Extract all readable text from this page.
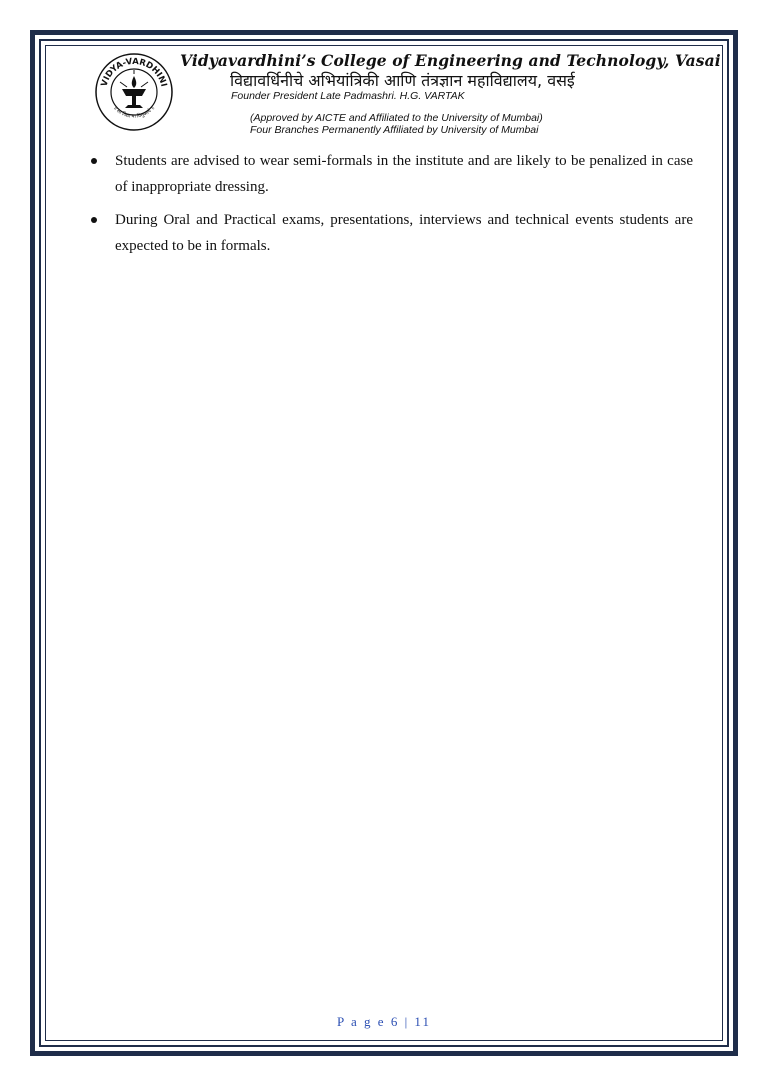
VIDYA-VARDHINI
॥ सा विद्या या विमुक्तये ॥
Vidyavardhini’s College of Engineering and Technology, Vasai
विद्यावर्धिनीचे अभियांत्रिकी आणि तंत्रज्ञान महाविद्यालय, वसई
Founder President Late Padmashri. H.G. VARTAK
(Approved by AICTE and Affiliated to the University of Mumbai)
Four Branches Permanently Affiliated by University of Mumbai
Students are advised to wear semi-formals in the institute and are likely to be penalized in case of inappropriate dressing.
During Oral and Practical exams, presentations, interviews and technical events students are expected to be in formals.
P a g e 6 | 11
